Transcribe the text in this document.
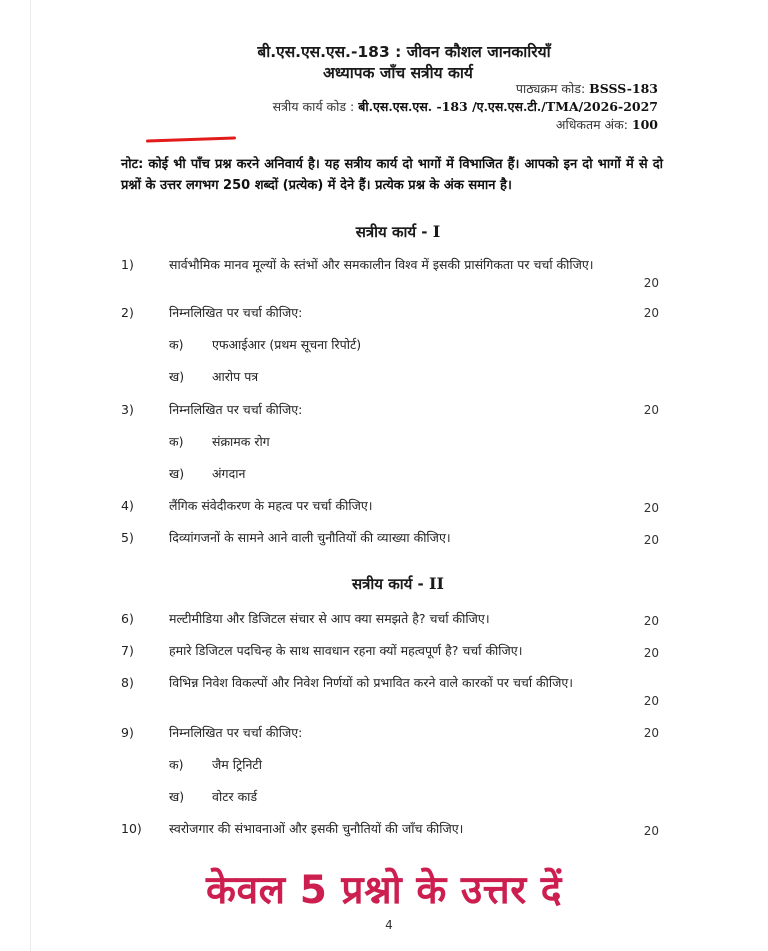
बी.एस.एस.एस.-183 : जीवन कौशल जानकारियाँ
अध्यापक जाँच सत्रीय कार्य
पाठ्यक्रम कोड: BSSS-183
सत्रीय कार्य कोड : बी.एस.एस.एस. -183 /ए.एस.एस.टी./TMA/2026-2027
अधिकतम अंक: 100
नोट: कोई भी पाँच प्रश्न करने अनिवार्य है। यह सत्रीय कार्य दो भागों में विभाजित हैं। आपको इन दो भागों में से दो प्रश्नों के उत्तर लगभग 250 शब्दों (प्रत्येक) में देने हैं। प्रत्येक प्रश्न के अंक समान है।
सत्रीय कार्य - I
1)	सार्वभौमिक मानव मूल्यों के स्तंभों और समकालीन विश्व में इसकी प्रासंगिकता पर चर्चा कीजिए।
20
2)	निम्नलिखित पर चर्चा कीजिए:	20
क) एफआईआर (प्रथम सूचना रिपोर्ट)
ख) आरोप पत्र
3)	निम्नलिखित पर चर्चा कीजिए:	20
क) संक्रामक रोग
ख) अंगदान
4)	लैंगिक संवेदीकरण के महत्व पर चर्चा कीजिए।	20
5)	दिव्यांगजनों के सामने आने वाली चुनौतियों की व्याख्या कीजिए।	20
सत्रीय कार्य - II
6)	मल्टीमीडिया और डिजिटल संचार से आप क्या समझते है? चर्चा कीजिए।	20
7)	हमारे डिजिटल पदचिन्ह के साथ सावधान रहना क्यों महत्वपूर्ण है? चर्चा कीजिए।	20
8)	विभिन्न निवेश विकल्पों और निवेश निर्णयों को प्रभावित करने वाले कारकों पर चर्चा कीजिए।
20
9)	निम्नलिखित पर चर्चा कीजिए:	20
क) जैम ट्रिनिटी
ख) वोटर कार्ड
10) स्वरोजगार की संभावनाओं और इसकी चुनौतियों की जाँच कीजिए।	20
केवल 5 प्रश्नो के उत्तर दें
4
